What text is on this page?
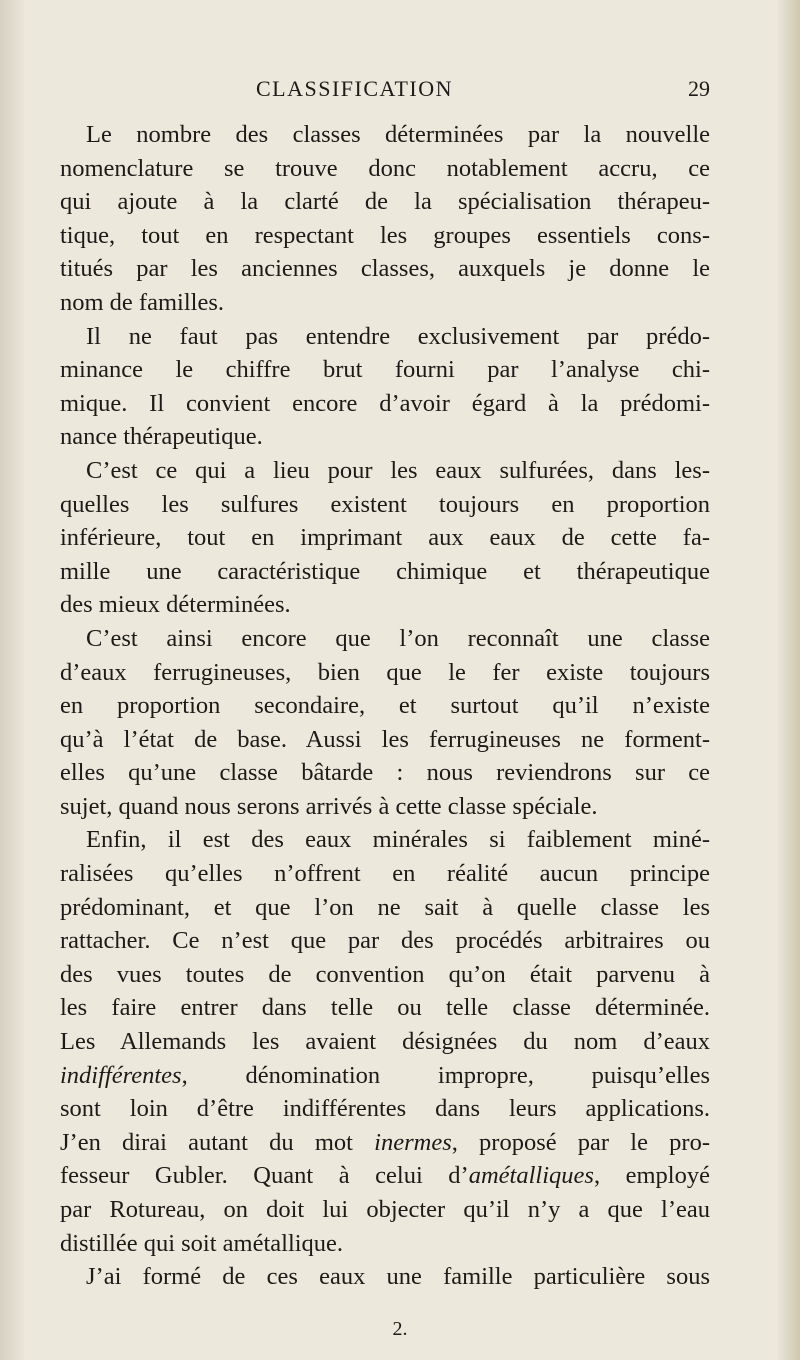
CLASSIFICATION	29
Le nombre des classes déterminées par la nouvelle
nomenclature se trouve donc notablement accru, ce
qui ajoute à la clarté de la spécialisation thérapeu-
tique, tout en respectant les groupes essentiels cons-
titués par les anciennes classes, auxquels je donne le
nom de familles.
Il ne faut pas entendre exclusivement par prédo-
minance le chiffre brut fourni par l’analyse chi-
mique. Il convient encore d’avoir égard à la prédomi-
nance thérapeutique.
C’est ce qui a lieu pour les eaux sulfurées, dans les-
quelles les sulfures existent toujours en proportion
inférieure, tout en imprimant aux eaux de cette fa-
mille une caractéristique chimique et thérapeutique
des mieux déterminées.
C’est ainsi encore que l’on reconnaît une classe
d’eaux ferrugineuses, bien que le fer existe toujours
en proportion secondaire, et surtout qu’il n’existe
qu’à l’état de base. Aussi les ferrugineuses ne forment-
elles qu’une classe bâtarde : nous reviendrons sur ce
sujet, quand nous serons arrivés à cette classe spéciale.
Enfin, il est des eaux minérales si faiblement miné-
ralisées qu’elles n’offrent en réalité aucun principe
prédominant, et que l’on ne sait à quelle classe les
rattacher. Ce n’est que par des procédés arbitraires ou
des vues toutes de convention qu’on était parvenu à
les faire entrer dans telle ou telle classe déterminée.
Les Allemands les avaient désignées du nom d’eaux
indifférentes, dénomination impropre, puisqu’elles
sont loin d’être indifférentes dans leurs applications.
J’en dirai autant du mot inermes, proposé par le pro-
fesseur Gubler. Quant à celui d’amétalliques, employé
par Rotureau, on doit lui objecter qu’il n’y a que l’eau
distillée qui soit amétallique.
J’ai formé de ces eaux une famille particulière sous
2.
